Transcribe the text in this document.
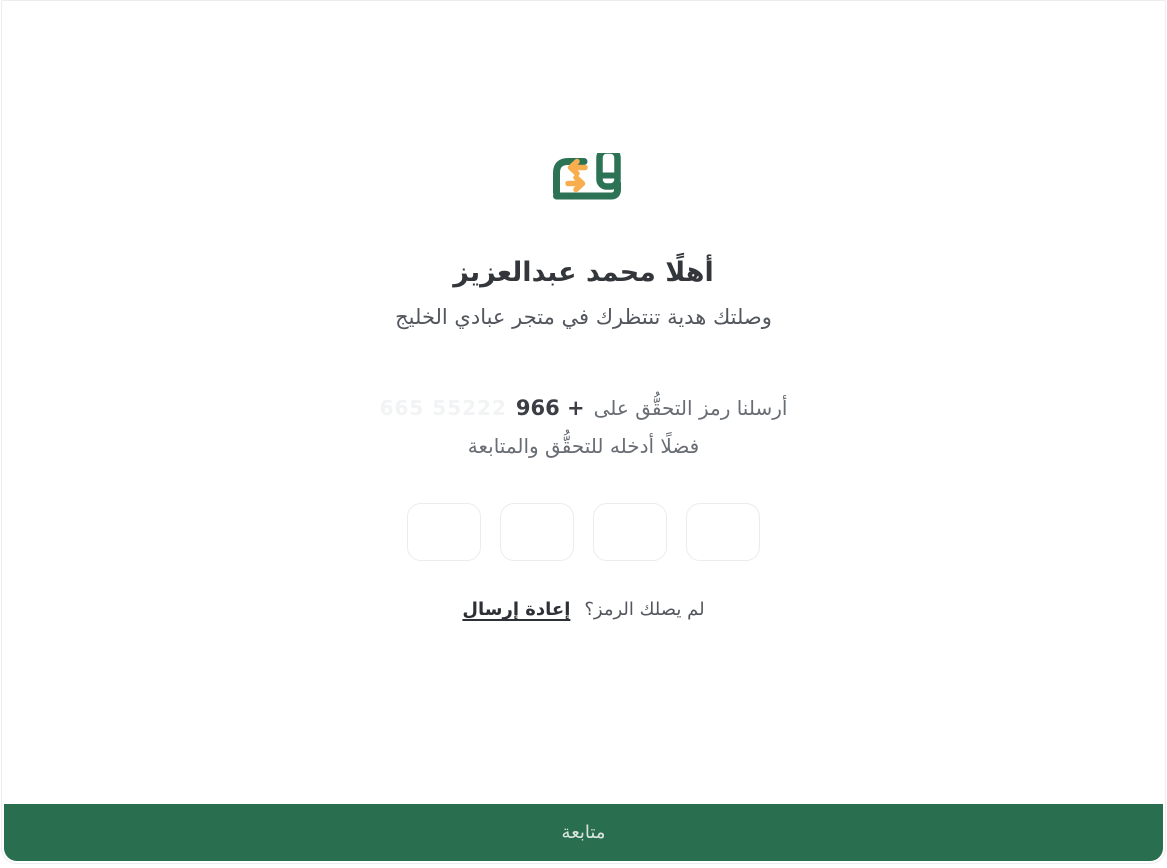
أهلًا محمد عبدالعزيز
وصلتك هدية تنتظرك في متجر عبادي الخليج
665 55222 966 + أرسلنا رمز التحقُّق على
فضلًا أدخله للتحقُّق والمتابعة
إعادة إرسال لم يصلك الرمز؟
متابعة
